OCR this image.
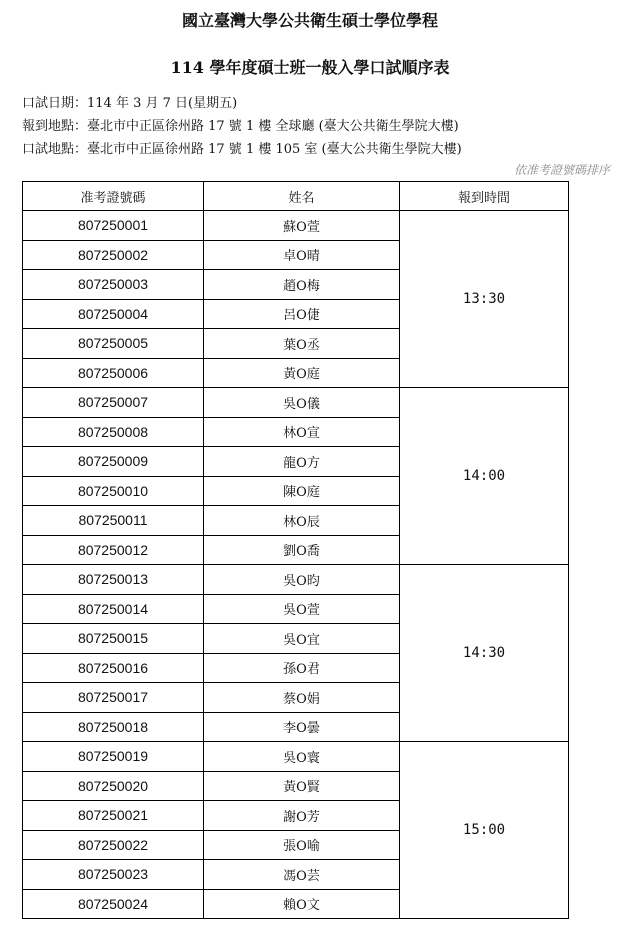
國立臺灣大學公共衛生碩士學位學程
114 學年度碩士班一般入學口試順序表
口試日期：114 年 3 月 7 日(星期五)
報到地點：臺北市中正區徐州路 17 號 1 樓 全球廳 (臺大公共衛生學院大樓)
口試地點：臺北市中正區徐州路 17 號 1 樓 105 室 (臺大公共衛生學院大樓)
依准考證號碼排序
准考證號碼	姓名	報到時間
807250001	蘇O萱	13:30
807250002	卓O晴	
807250003	趙O梅	
807250004	呂O倢	
807250005	葉O丞	
807250006	黃O庭	
807250007	吳O儀	14:00
807250008	林O宣	
807250009	龍O方	
807250010	陳O庭	
807250011	林O辰	
807250012	劉O喬	
807250013	吳O昀	14:30
807250014	吳O萱	
807250015	吳O宜	
807250016	孫O君	
807250017	蔡O娟	
807250018	李O曇	
807250019	吳O寰	15:00
807250020	黃O賢	
807250021	謝O芳	
807250022	張O喻	
807250023	馮O芸	
807250024	賴O文	
